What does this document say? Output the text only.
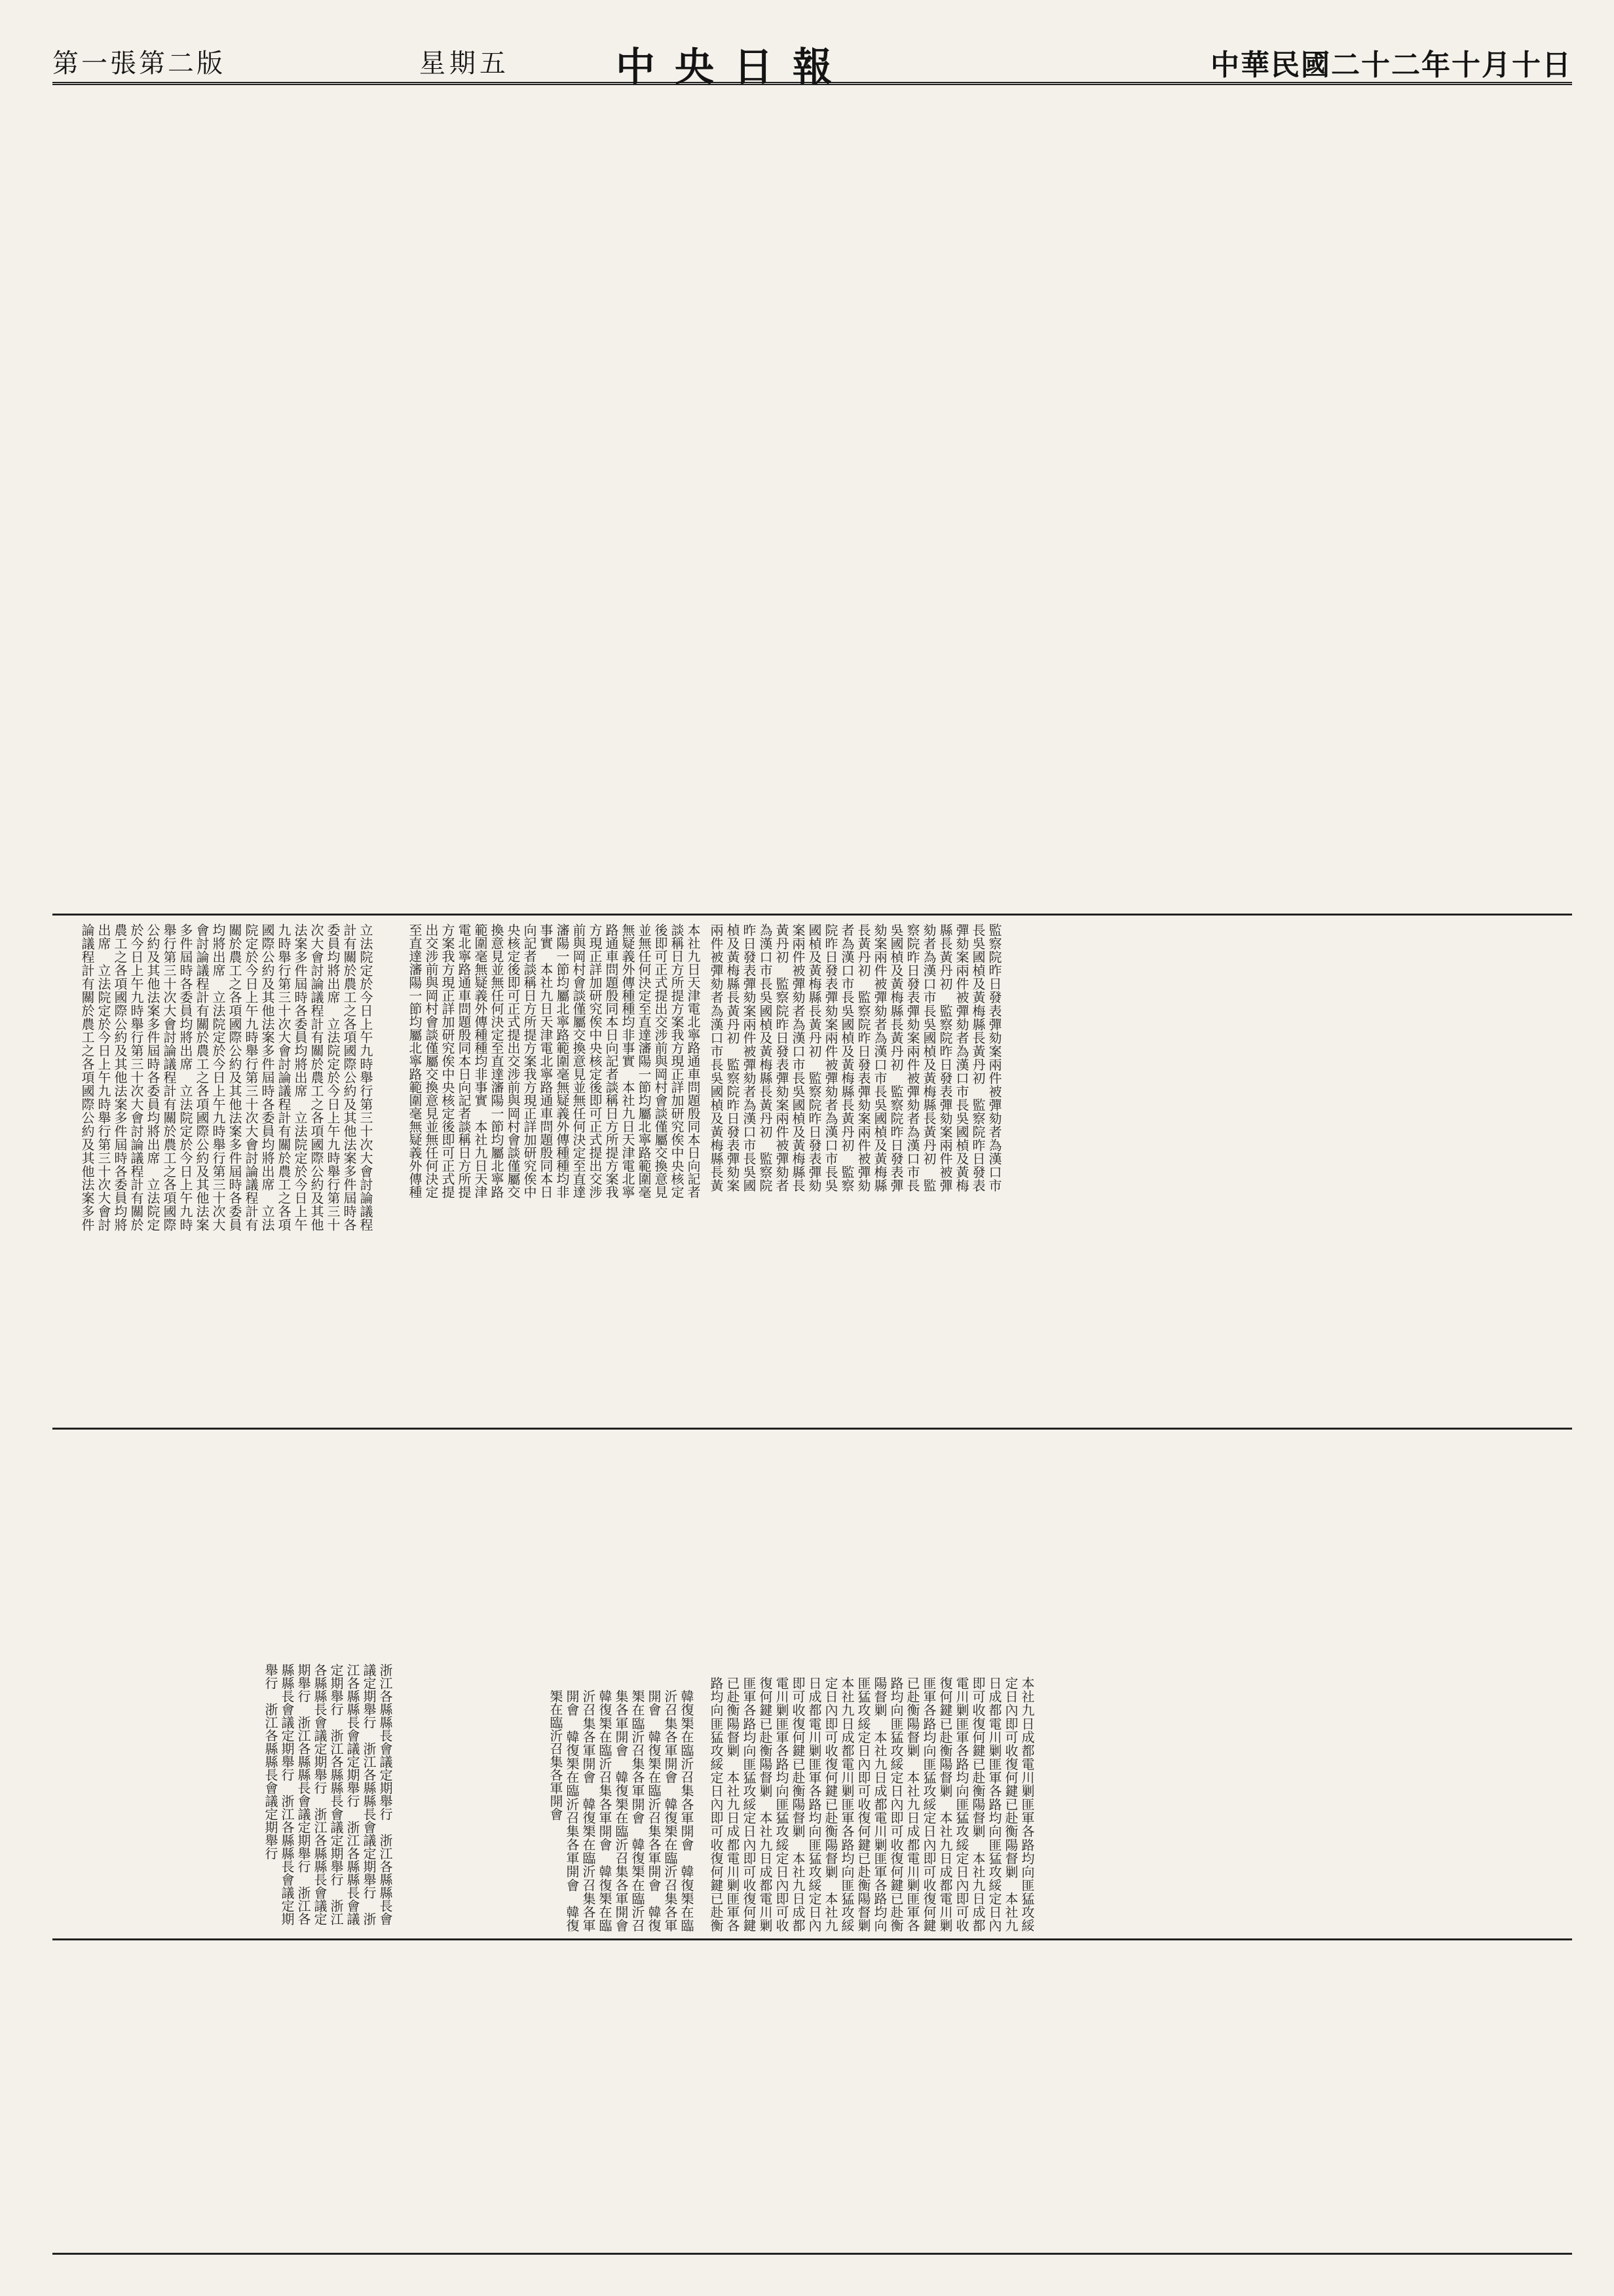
第一張第二版	星期五	中央日報	中華民國二十二年十月十日
立法院定於今日上午九時舉行第三十次大會討論議程計有關於農工之各項國際公約及其他法案多件屆時各委員均將出席　立法院定於今日上午九時舉行第三十次大會討論議程計有關於農工之各項國際公約及其他法案多件屆時各委員均將出席　立法院定於今日上午九時舉行第三十次大會討論議程計有關於農工之各項國際公約及其他法案多件屆時各委員均將出席　立法院定於今日上午九時舉行第三十次大會討論議程計有關於農工之各項國際公約及其他法案多件屆時各委員均將出席　立法院定於今日上午九時舉行第三十次大會討論議程計有關於農工之各項國際公約及其他法案多件屆時各委員均將出席　立法院定於今日上午九時舉行第三十次大會討論議程計有關於農工之各項國際公約及其他法案多件屆時各委員均將出席　立法院定於今日上午九時舉行第三十次大會討論議程計有關於農工之各項國際公約及其他法案多件屆時各委員均將出席　立法院定於今日上午九時舉行第三十次大會討論議程計有關於農工之各項國際公約及其他法案多件　　　　　
本社九日天津電北寧路通車問題殷同本日向記者談稱日方所提方案我方現正詳加研究俟中央核定後即可正式提出交涉前與岡村會談僅屬交換意見並無任何決定至直達瀋陽一節均屬北寧路範圍毫無疑義外傳種種均非事實　本社九日天津電北寧路通車問題殷同本日向記者談稱日方所提方案我方現正詳加研究俟中央核定後即可正式提出交涉前與岡村會談僅屬交換意見並無任何決定至直達瀋陽一節均屬北寧路範圍毫無疑義外傳種種均非事實　本社九日天津電北寧路通車問題殷同本日向記者談稱日方所提方案我方現正詳加研究俟中央核定後即可正式提出交涉前與岡村會談僅屬交換意見並無任何決定至直達瀋陽一節均屬北寧路範圍毫無疑義外傳種種均非事實　本社九日天津電北寧路通車問題殷同本日向記者談稱日方所提方案我方現正詳加研究俟中央核定後即可正式提出交涉前與岡村會談僅屬交換意見並無任何決定至直達瀋陽一節均屬北寧路範圍毫無疑義外傳種　　　　　　　　　	監察院昨日發表彈劾案兩件被彈劾者為漢口市長吳國楨及黃梅縣長黃丹初　監察院昨日發表彈劾案兩件被彈劾者為漢口市長吳國楨及黃梅縣長黃丹初　監察院昨日發表彈劾案兩件被彈劾者為漢口市長吳國楨及黃梅縣長黃丹初　監察院昨日發表彈劾案兩件被彈劾者為漢口市長吳國楨及黃梅縣長黃丹初　監察院昨日發表彈劾案兩件被彈劾者為漢口市長吳國楨及黃梅縣長黃丹初　監察院昨日發表彈劾案兩件被彈劾者為漢口市長吳國楨及黃梅縣長黃丹初　監察院昨日發表彈劾案兩件被彈劾者為漢口市長吳國楨及黃梅縣長黃丹初　監察院昨日發表彈劾案兩件被彈劾者為漢口市長吳國楨及黃梅縣長黃丹初　監察院昨日發表彈劾案兩件被彈劾者為漢口市長吳國楨及黃梅縣長黃丹初　監察院昨日發表彈劾案兩件被彈劾者為漢口市長吳國楨及黃梅縣長黃丹初　監察院昨日發表彈劾案兩件被彈劾者為漢口市長吳國楨及黃梅縣長黃　　
浙江各縣縣長會議定期舉行　浙江各縣縣長會議定期舉行　浙江各縣縣長會議定期舉行　浙江各縣縣長會議定期舉行　浙江各縣縣長會議定期舉行　浙江各縣縣長會議定期舉行　浙江各縣縣長會議定期舉行　浙江各縣縣長會議定期舉行　浙江各縣縣長會議定期舉行　浙江各縣縣長會議定期舉行　浙江各縣縣長會議定期舉行　浙江各縣縣長會議定期舉行　	本社九日成都電川剿匪軍各路均向匪猛攻綏定日內即可收復何鍵已赴衡陽督剿　本社九日成都電川剿匪軍各路均向匪猛攻綏定日內即可收復何鍵已赴衡陽督剿　本社九日成都電川剿匪軍各路均向匪猛攻綏定日內即可收復何鍵已赴衡陽督剿　本社九日成都電川剿匪軍各路均向匪猛攻綏定日內即可收復何鍵已赴衡陽督剿　本社九日成都電川剿匪軍各路均向匪猛攻綏定日內即可收復何鍵已赴衡陽督剿　本社九日成都電川剿匪軍各路均向匪猛攻綏定日內即可收復何鍵已赴衡陽督剿　本社九日成都電川剿匪軍各路均向匪猛攻綏定日內即可收復何鍵已赴衡陽督剿　本社九日成都電川剿匪軍各路均向匪猛攻綏定日內即可收復何鍵已赴衡陽督剿　本社九日成都電川剿匪軍各路均向匪猛攻綏定日內即可收復何鍵已赴衡陽督剿　本社九日成都電川剿匪軍各路均向匪猛攻綏定日內即可收復何鍵已赴衡陽督剿　本社九日成都電川剿匪軍各路均向匪猛攻綏定日內即可收復何鍵已赴衡　　
韓復榘在臨沂召集各軍開會　韓復榘在臨沂召集各軍開會　韓復榘在臨沂召集各軍開會　韓復榘在臨沂召集各軍開會　韓復榘在臨沂召集各軍開會　韓復榘在臨沂召集各軍開會　韓復榘在臨沂召集各軍開會　韓復榘在臨沂召集各軍開會　韓復榘在臨沂召集各軍開會　韓復榘在臨沂召集各軍開會　韓復榘在臨沂召集各軍開會　韓復榘在臨沂召集各軍開會　
